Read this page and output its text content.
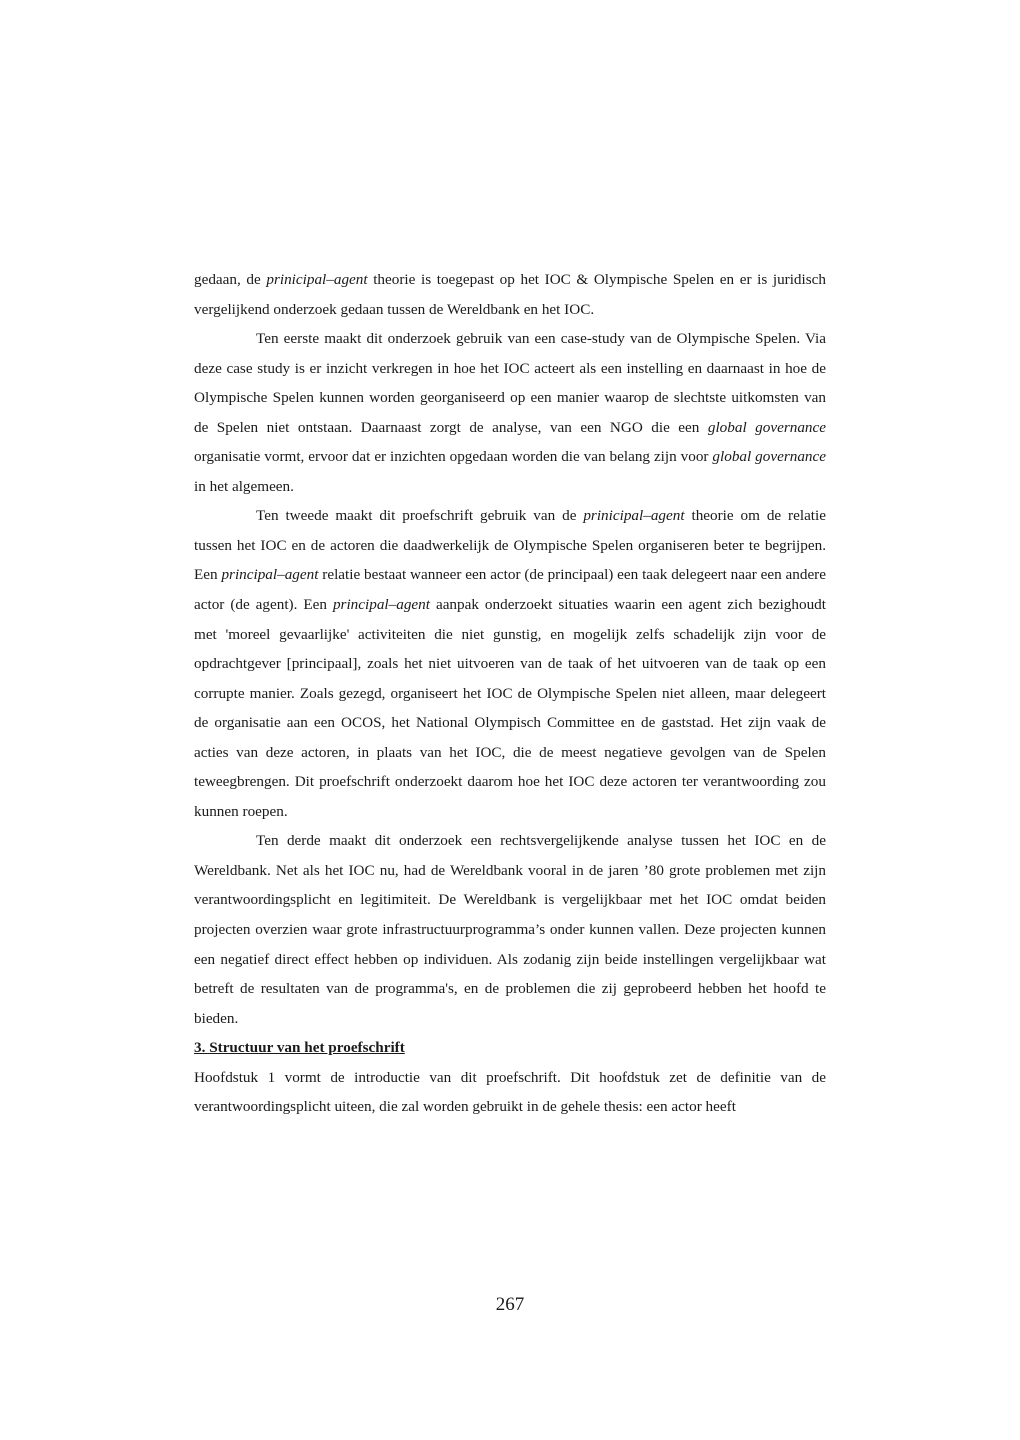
gedaan, de prinicipal–agent theorie is toegepast op het IOC & Olympische Spelen en er is juridisch vergelijkend onderzoek gedaan tussen de Wereldbank en het IOC.

Ten eerste maakt dit onderzoek gebruik van een case-study van de Olympische Spelen. Via deze case study is er inzicht verkregen in hoe het IOC acteert als een instelling en daarnaast in hoe de Olympische Spelen kunnen worden georganiseerd op een manier waarop de slechtste uitkomsten van de Spelen niet ontstaan. Daarnaast zorgt de analyse, van een NGO die een global governance organisatie vormt, ervoor dat er inzichten opgedaan worden die van belang zijn voor global governance in het algemeen.

Ten tweede maakt dit proefschrift gebruik van de prinicipal–agent theorie om de relatie tussen het IOC en de actoren die daadwerkelijk de Olympische Spelen organiseren beter te begrijpen. Een principal–agent relatie bestaat wanneer een actor (de principaal) een taak delegeert naar een andere actor (de agent). Een principal–agent aanpak onderzoekt situaties waarin een agent zich bezighoudt met 'moreel gevaarlijke' activiteiten die niet gunstig, en mogelijk zelfs schadelijk zijn voor de opdrachtgever [principaal], zoals het niet uitvoeren van de taak of het uitvoeren van de taak op een corrupte manier. Zoals gezegd, organiseert het IOC de Olympische Spelen niet alleen, maar delegeert de organisatie aan een OCOS, het National Olympisch Committee en de gaststad. Het zijn vaak de acties van deze actoren, in plaats van het IOC, die de meest negatieve gevolgen van de Spelen teweegbrengen. Dit proefschrift onderzoekt daarom hoe het IOC deze actoren ter verantwoording zou kunnen roepen.

Ten derde maakt dit onderzoek een rechtsvergelijkende analyse tussen het IOC en de Wereldbank. Net als het IOC nu, had de Wereldbank vooral in de jaren ’80 grote problemen met zijn verantwoordingsplicht en legitimiteit. De Wereldbank is vergelijkbaar met het IOC omdat beiden projecten overzien waar grote infrastructuurprogramma’s onder kunnen vallen. Deze projecten kunnen een negatief direct effect hebben op individuen. Als zodanig zijn beide instellingen vergelijkbaar wat betreft de resultaten van de programma's, en de problemen die zij geprobeerd hebben het hoofd te bieden.

3. Structuur van het proefschrift

Hoofdstuk 1 vormt de introductie van dit proefschrift. Dit hoofdstuk zet de definitie van de verantwoordingsplicht uiteen, die zal worden gebruikt in de gehele thesis: een actor heeft

267
